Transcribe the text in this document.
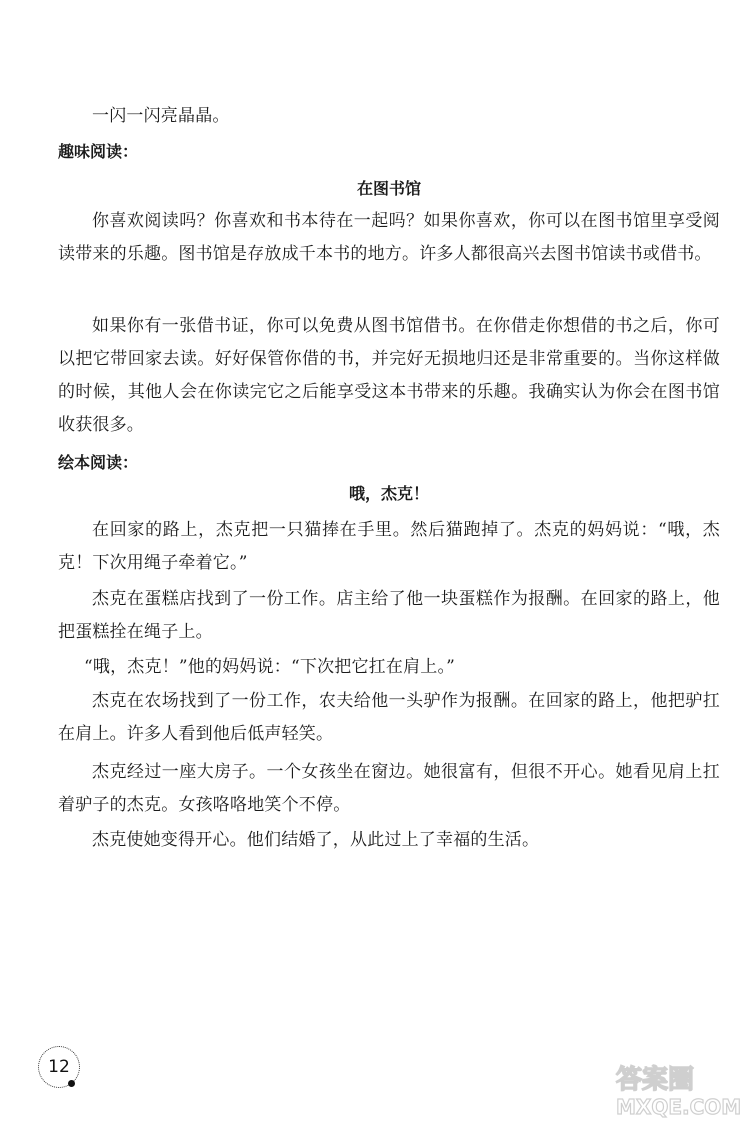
一闪一闪亮晶晶。

趣味阅读：
在图书馆

你喜欢阅读吗？你喜欢和书本待在一起吗？如果你喜欢，你可以在图书馆里享受阅读带来的乐趣。图书馆是存放成千本书的地方。许多人都很高兴去图书馆读书或借书。

如果你有一张借书证，你可以免费从图书馆借书。在你借走你想借的书之后，你可以把它带回家去读。好好保管你借的书，并完好无损地归还是非常重要的。当你这样做的时候，其他人会在你读完它之后能享受这本书带来的乐趣。我确实认为你会在图书馆收获很多。

绘本阅读：
哦，杰克！

在回家的路上，杰克把一只猫捧在手里。然后猫跑掉了。杰克的妈妈说：“哦，杰克！下次用绳子牵着它。”

杰克在蛋糕店找到了一份工作。店主给了他一块蛋糕作为报酬。在回家的路上，他把蛋糕拴在绳子上。

“哦，杰克！”他的妈妈说：“下次把它扛在肩上。”

杰克在农场找到了一份工作，农夫给他一头驴作为报酬。在回家的路上，他把驴扛在肩上。许多人看到他后低声轻笑。

杰克经过一座大房子。一个女孩坐在窗边。她很富有，但很不开心。她看见肩上扛着驴子的杰克。女孩咯咯地笑个不停。

杰克使她变得开心。他们结婚了，从此过上了幸福的生活。

12	答案圈
MXQE.COM
